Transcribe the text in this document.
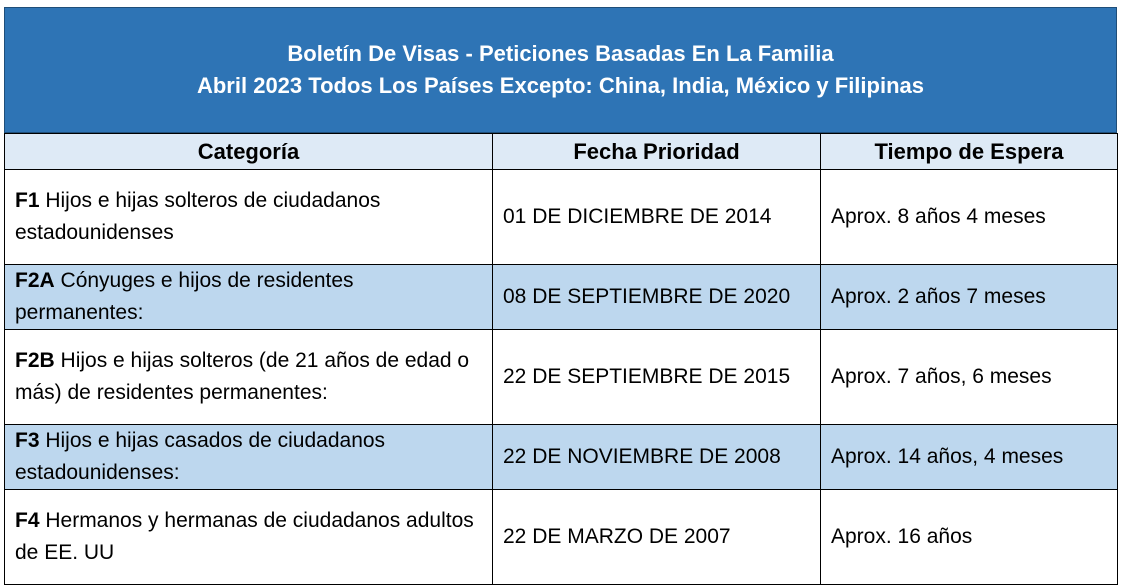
Boletín De Visas - Peticiones Basadas En La Familia
Abril 2023 Todos Los Países Excepto: China, India, México y Filipinas
Categoría	Fecha Prioridad	Tiempo de Espera
F1 Hijos e hijas solteros de ciudadanos estadounidenses	01 DE DICIEMBRE DE 2014	Aprox. 8 años 4 meses
F2A Cónyuges e hijos de residentes permanentes:	08 DE SEPTIEMBRE DE 2020	Aprox. 2 años 7 meses
F2B Hijos e hijas solteros (de 21 años de edad o más) de residentes permanentes:	22 DE SEPTIEMBRE DE 2015	Aprox. 7 años, 6 meses
F3 Hijos e hijas casados de ciudadanos estadounidenses:	22 DE NOVIEMBRE DE 2008	Aprox. 14 años, 4 meses
F4 Hermanos y hermanas de ciudadanos adultos de EE. UU	22 DE MARZO DE 2007	Aprox. 16 años
